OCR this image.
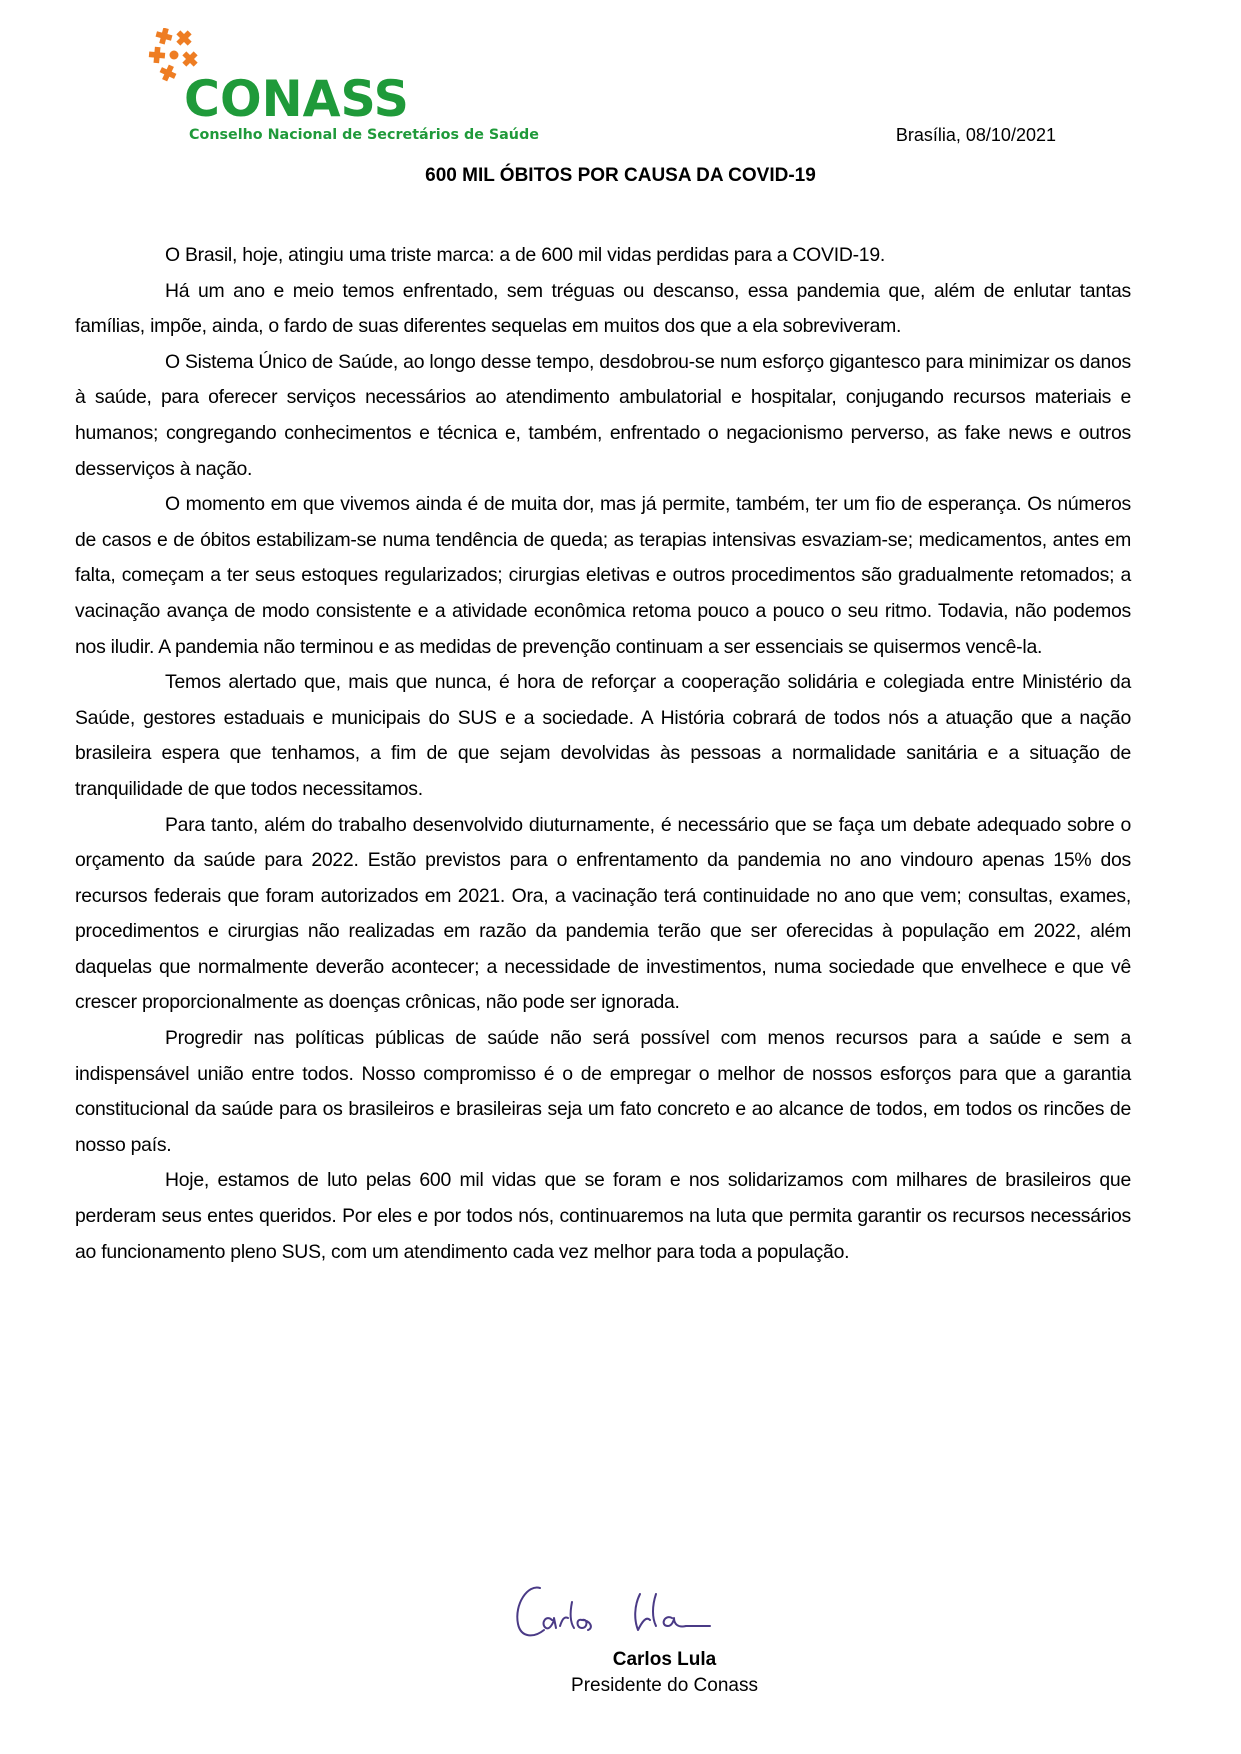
CONASS
Conselho Nacional de Secretários de Saúde	Brasília, 08/10/2021
600 MIL ÓBITOS POR CAUSA DA COVID-19

O Brasil, hoje, atingiu uma triste marca: a de 600 mil vidas perdidas para a COVID-19.

Há um ano e meio temos enfrentado, sem tréguas ou descanso, essa pandemia que, além de enlutar tantas famílias, impõe, ainda, o fardo de suas diferentes sequelas em muitos dos que a ela sobreviveram.

O Sistema Único de Saúde, ao longo desse tempo, desdobrou-se num esforço gigantesco para minimizar os danos à saúde, para oferecer serviços necessários ao atendimento ambulatorial e hospitalar, conjugando recursos materiais e humanos; congregando conhecimentos e técnica e, também, enfrentado o negacionismo perverso, as fake news e outros desserviços à nação.

O momento em que vivemos ainda é de muita dor, mas já permite, também, ter um fio de esperança. Os números de casos e de óbitos estabilizam-se numa tendência de queda; as terapias intensivas esvaziam-se; medicamentos, antes em falta, começam a ter seus estoques regularizados; cirurgias eletivas e outros procedimentos são gradualmente retomados; a vacinação avança de modo consistente e a atividade econômica retoma pouco a pouco o seu ritmo. Todavia, não podemos nos iludir. A pandemia não terminou e as medidas de prevenção continuam a ser essenciais se quisermos vencê-la.

Temos alertado que, mais que nunca, é hora de reforçar a cooperação solidária e colegiada entre Ministério da Saúde, gestores estaduais e municipais do SUS e a sociedade. A História cobrará de todos nós a atuação que a nação brasileira espera que tenhamos, a fim de que sejam devolvidas às pessoas a normalidade sanitária e a situação de tranquilidade de que todos necessitamos.

Para tanto, além do trabalho desenvolvido diuturnamente, é necessário que se faça um debate adequado sobre o orçamento da saúde para 2022. Estão previstos para o enfrentamento da pandemia no ano vindouro apenas 15% dos recursos federais que foram autorizados em 2021. Ora, a vacinação terá continuidade no ano que vem; consultas, exames, procedimentos e cirurgias não realizadas em razão da pandemia terão que ser oferecidas à população em 2022, além daquelas que normalmente deverão acontecer; a necessidade de investimentos, numa sociedade que envelhece e que vê crescer proporcionalmente as doenças crônicas, não pode ser ignorada.

Progredir nas políticas públicas de saúde não será possível com menos recursos para a saúde e sem a indispensável união entre todos. Nosso compromisso é o de empregar o melhor de nossos esforços para que a garantia constitucional da saúde para os brasileiros e brasileiras seja um fato concreto e ao alcance de todos, em todos os rincões de nosso país.

Hoje, estamos de luto pelas 600 mil vidas que se foram e nos solidarizamos com milhares de brasileiros que perderam seus entes queridos. Por eles e por todos nós, continuaremos na luta que permita garantir os recursos necessários ao funcionamento pleno SUS, com um atendimento cada vez melhor para toda a população.

Carlos Lula
Presidente do Conass
